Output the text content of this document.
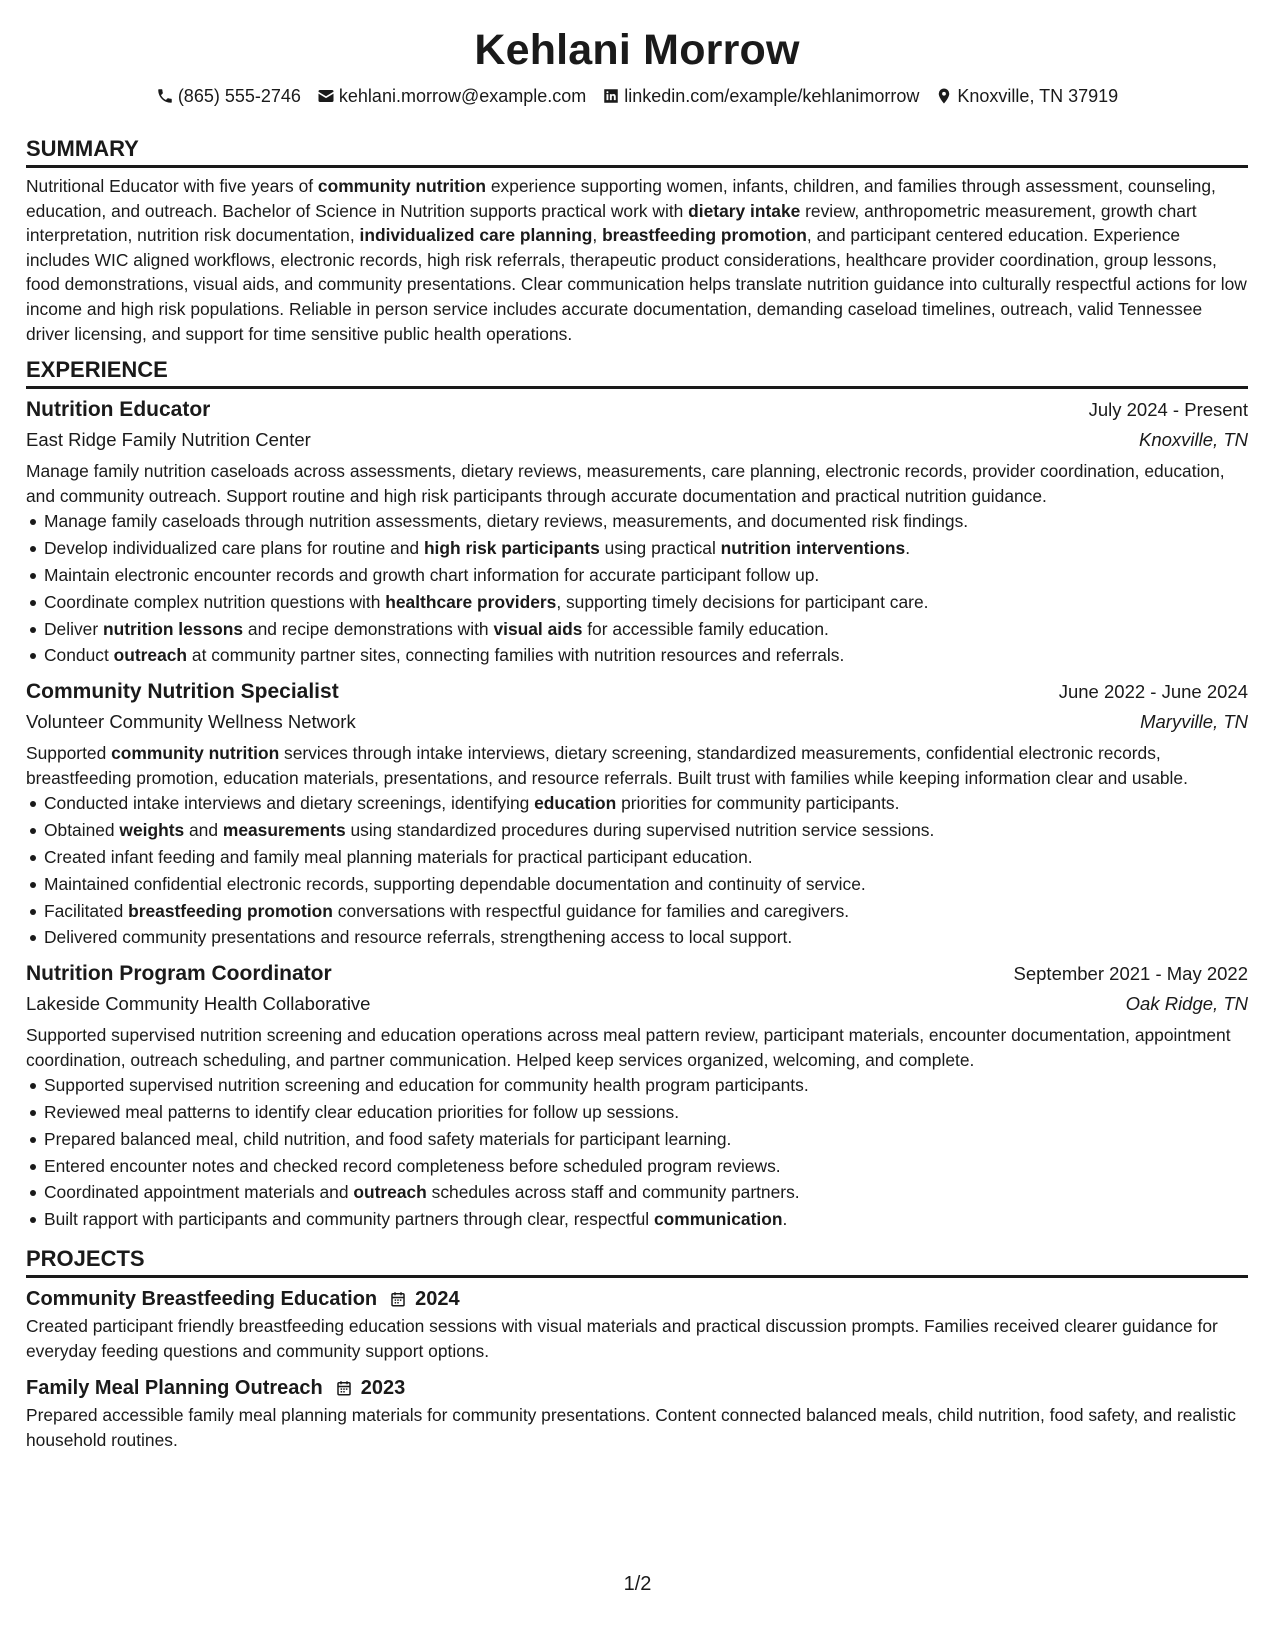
Kehlani Morrow
(865) 555-2746 kehlani.morrow@example.com linkedin.com/example/kehlanimorrow Knoxville, TN 37919
SUMMARY
Nutritional Educator with five years of community nutrition experience supporting women, infants, children, and families through assessment, counseling, education, and outreach. Bachelor of Science in Nutrition supports practical work with dietary intake review, anthropometric measurement, growth chart interpretation, nutrition risk documentation, individualized care planning, breastfeeding promotion, and participant centered education. Experience includes WIC aligned workflows, electronic records, high risk referrals, therapeutic product considerations, healthcare provider coordination, group lessons, food demonstrations, visual aids, and community presentations. Clear communication helps translate nutrition guidance into culturally respectful actions for low income and high risk populations. Reliable in person service includes accurate documentation, demanding caseload timelines, outreach, valid Tennessee driver licensing, and support for time sensitive public health operations.
EXPERIENCE
Nutrition Educator	July 2024 - Present
East Ridge Family Nutrition Center	Knoxville, TN
Manage family nutrition caseloads across assessments, dietary reviews, measurements, care planning, electronic records, provider coordination, education, and community outreach. Support routine and high risk participants through accurate documentation and practical nutrition guidance.
Manage family caseloads through nutrition assessments, dietary reviews, measurements, and documented risk findings.
Develop individualized care plans for routine and high risk participants using practical nutrition interventions.
Maintain electronic encounter records and growth chart information for accurate participant follow up.
Coordinate complex nutrition questions with healthcare providers, supporting timely decisions for participant care.
Deliver nutrition lessons and recipe demonstrations with visual aids for accessible family education.
Conduct outreach at community partner sites, connecting families with nutrition resources and referrals.
Community Nutrition Specialist	June 2022 - June 2024
Volunteer Community Wellness Network	Maryville, TN
Supported community nutrition services through intake interviews, dietary screening, standardized measurements, confidential electronic records, breastfeeding promotion, education materials, presentations, and resource referrals. Built trust with families while keeping information clear and usable.
Conducted intake interviews and dietary screenings, identifying education priorities for community participants.
Obtained weights and measurements using standardized procedures during supervised nutrition service sessions.
Created infant feeding and family meal planning materials for practical participant education.
Maintained confidential electronic records, supporting dependable documentation and continuity of service.
Facilitated breastfeeding promotion conversations with respectful guidance for families and caregivers.
Delivered community presentations and resource referrals, strengthening access to local support.
Nutrition Program Coordinator	September 2021 - May 2022
Lakeside Community Health Collaborative	Oak Ridge, TN
Supported supervised nutrition screening and education operations across meal pattern review, participant materials, encounter documentation, appointment coordination, outreach scheduling, and partner communication. Helped keep services organized, welcoming, and complete.
Supported supervised nutrition screening and education for community health program participants.
Reviewed meal patterns to identify clear education priorities for follow up sessions.
Prepared balanced meal, child nutrition, and food safety materials for participant learning.
Entered encounter notes and checked record completeness before scheduled program reviews.
Coordinated appointment materials and outreach schedules across staff and community partners.
Built rapport with participants and community partners through clear, respectful communication.
PROJECTS
Community Breastfeeding Education 2024
Created participant friendly breastfeeding education sessions with visual materials and practical discussion prompts. Families received clearer guidance for everyday feeding questions and community support options.
Family Meal Planning Outreach 2023
Prepared accessible family meal planning materials for community presentations. Content connected balanced meals, child nutrition, food safety, and realistic household routines.
1/2
